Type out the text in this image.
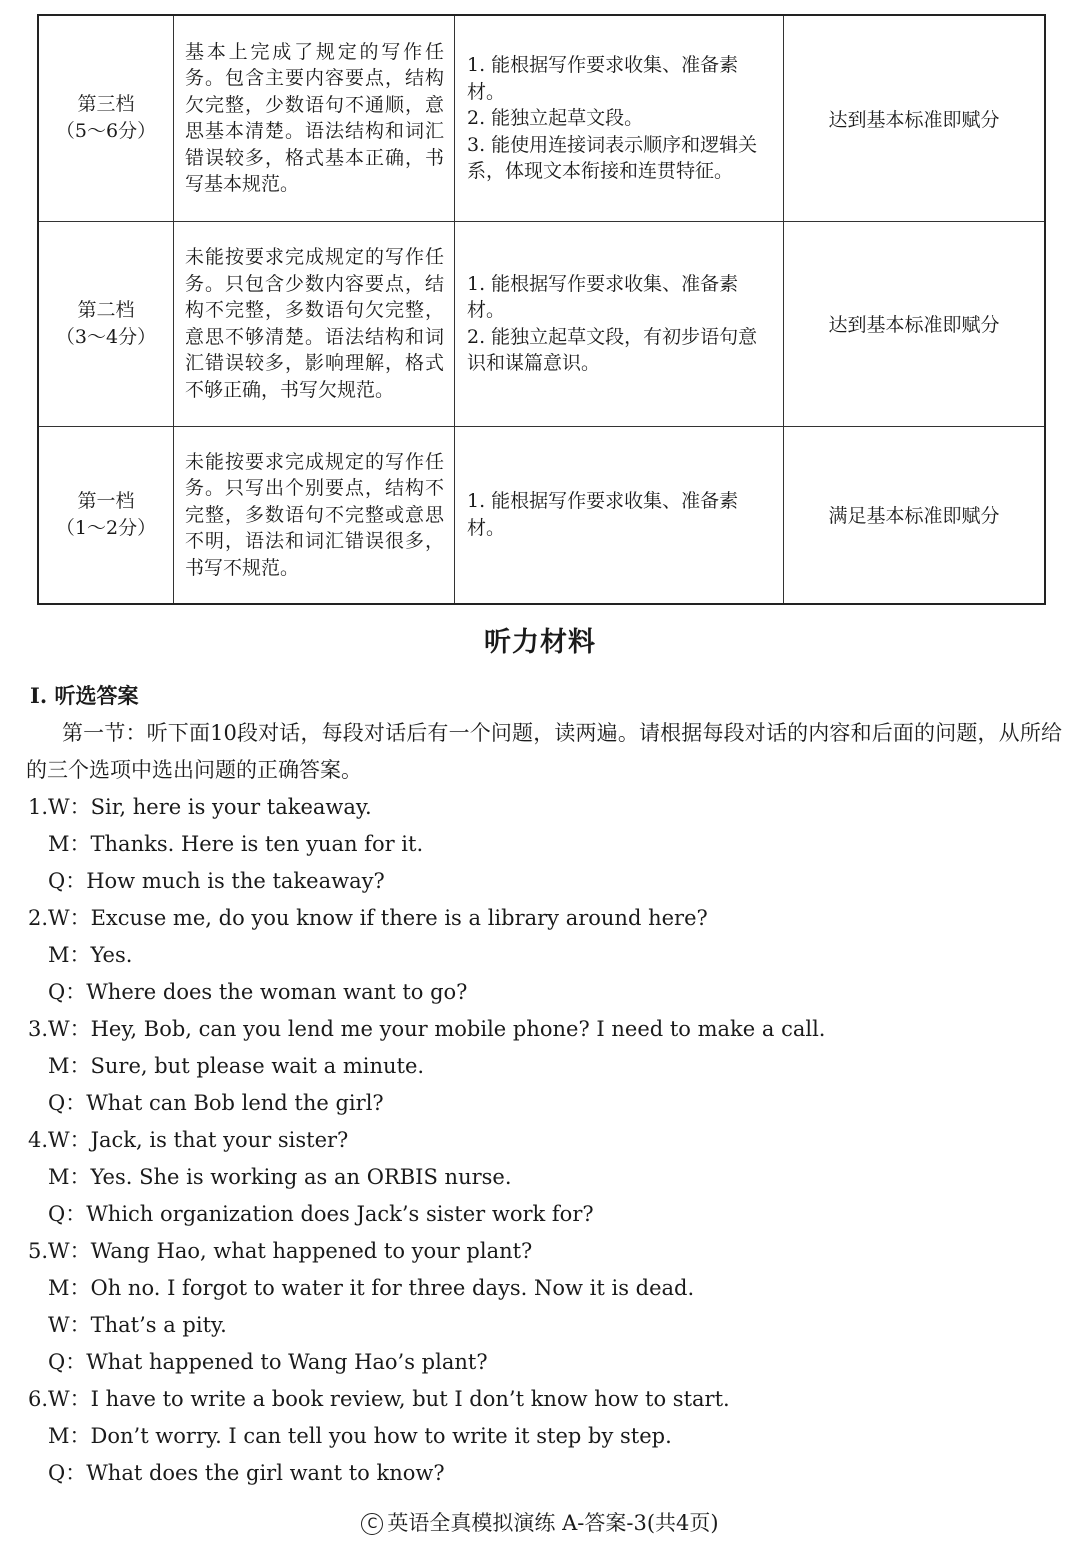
第三档
（5～6分）	基本上完成了规定的写作任务。包含主要内容要点，结构欠完整，少数语句不通顺，意思基本清楚。语法结构和词汇错误较多，格式基本正确，书写基本规范。	1. 能根据写作要求收集、准备素材。
2. 能独立起草文段。
3. 能使用连接词表示顺序和逻辑关系，体现文本衔接和连贯特征。	达到基本标准即赋分

第二档
（3～4分）	未能按要求完成规定的写作任务。只包含少数内容要点，结构不完整，多数语句欠完整，意思不够清楚。语法结构和词汇错误较多，影响理解，格式不够正确，书写欠规范。	1. 能根据写作要求收集、准备素材。
2. 能独立起草文段，有初步语句意识和谋篇意识。	达到基本标准即赋分

第一档
（1～2分）	未能按要求完成规定的写作任务。只写出个别要点，结构不完整，多数语句不完整或意思不明，语法和词汇错误很多，书写不规范。	1. 能根据写作要求收集、准备素材。	满足基本标准即赋分
听力材料
Ⅰ. 听选答案
第一节：听下面10段对话，每段对话后有一个问题，读两遍。请根据每段对话的内容和后面的问题，从所给的三个选项中选出问题的正确答案。
1.W：Sir, here is your takeaway.
M：Thanks. Here is ten yuan for it.
Q：How much is the takeaway?
2.W：Excuse me, do you know if there is a library around here?
M：Yes.
Q：Where does the woman want to go?
3.W：Hey, Bob, can you lend me your mobile phone? I need to make a call.
M：Sure, but please wait a minute.
Q：What can Bob lend the girl?
4.W：Jack, is that your sister?
M：Yes. She is working as an ORBIS nurse.
Q：Which organization does Jack’s sister work for?
5.W：Wang Hao, what happened to your plant?
M：Oh no. I forgot to water it for three days. Now it is dead.
W：That’s a pity.
Q：What happened to Wang Hao’s plant?
6.W：I have to write a book review, but I don’t know how to start.
M：Don’t worry. I can tell you how to write it step by step.
Q：What does the girl want to know?
C 英语全真模拟演练 A-答案-3(共4页)
